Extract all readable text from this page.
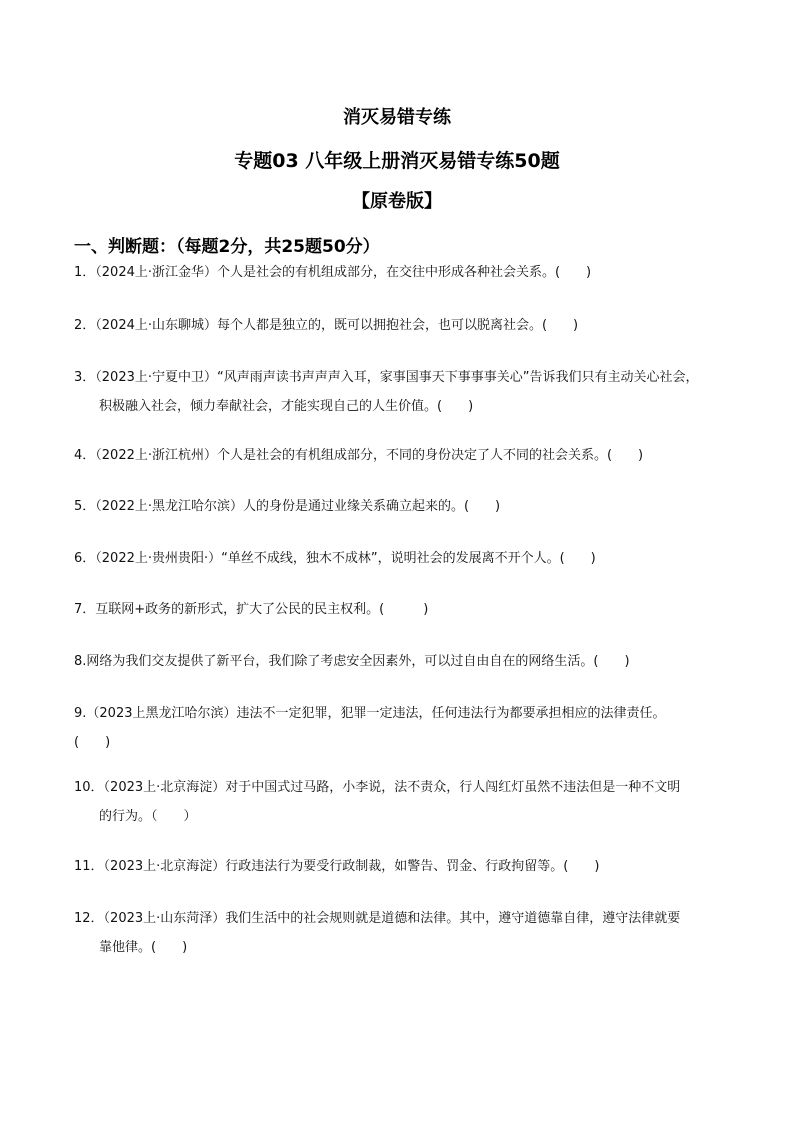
消灭易错专练
专题03 八年级上册消灭易错专练50题
【原卷版】
一、判断题：（每题2分，共25题50分）
1．（2024上·浙江金华）个人是社会的有机组成部分，在交往中形成各种社会关系。(　　)
2．（2024上·山东聊城）每个人都是独立的，既可以拥抱社会，也可以脱离社会。(　　)
3．（2023上·宁夏中卫）“风声雨声读书声声声入耳，家事国事天下事事事关心”告诉我们只有主动关心社会，
积极融入社会，倾力奉献社会，才能实现自己的人生价值。(　　)
4．（2022上·浙江杭州）个人是社会的有机组成部分，不同的身份决定了人不同的社会关系。(　　)
5．（2022上·黑龙江哈尔滨）人的身份是通过业缘关系确立起来的。(　　)
6．（2022上·贵州贵阳·）“单丝不成线，独木不成林”，说明社会的发展离不开个人。(　　)
7．互联网+政务的新形式，扩大了公民的民主权利。(　　　)
8.网络为我们交友提供了新平台，我们除了考虑安全因素外，可以过自由自在的网络生活。(　　)
9.（2023上黑龙江哈尔滨）违法不一定犯罪，犯罪一定违法，任何违法行为都要承担相应的法律责任。
(　　)
10．（2023上·北京海淀）对于中国式过马路，小李说，法不责众，行人闯红灯虽然不违法但是一种不文明
的行为。（　　）
11．（2023上·北京海淀）行政违法行为要受行政制裁，如警告、罚金、行政拘留等。(　　)
12．（2023上·山东菏泽）我们生活中的社会规则就是道德和法律。其中，遵守道德靠自律，遵守法律就要
靠他律。(　　)
